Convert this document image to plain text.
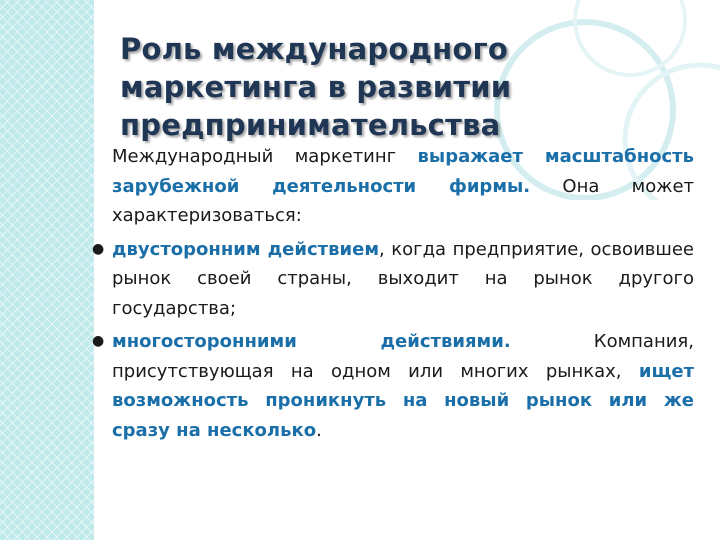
Роль международного маркетинга в развитии предпринимательства

Международный маркетинг выражает масштабность зарубежной деятельности фирмы. Она может характеризоваться:

● двусторонним действием, когда предприятие, освоившее рынок своей страны, выходит на рынок другого государства;
● многосторонними действиями. Компания, присутствующая на одном или многих рынках, ищет возможность проникнуть на новый рынок или же сразу на несколько.
